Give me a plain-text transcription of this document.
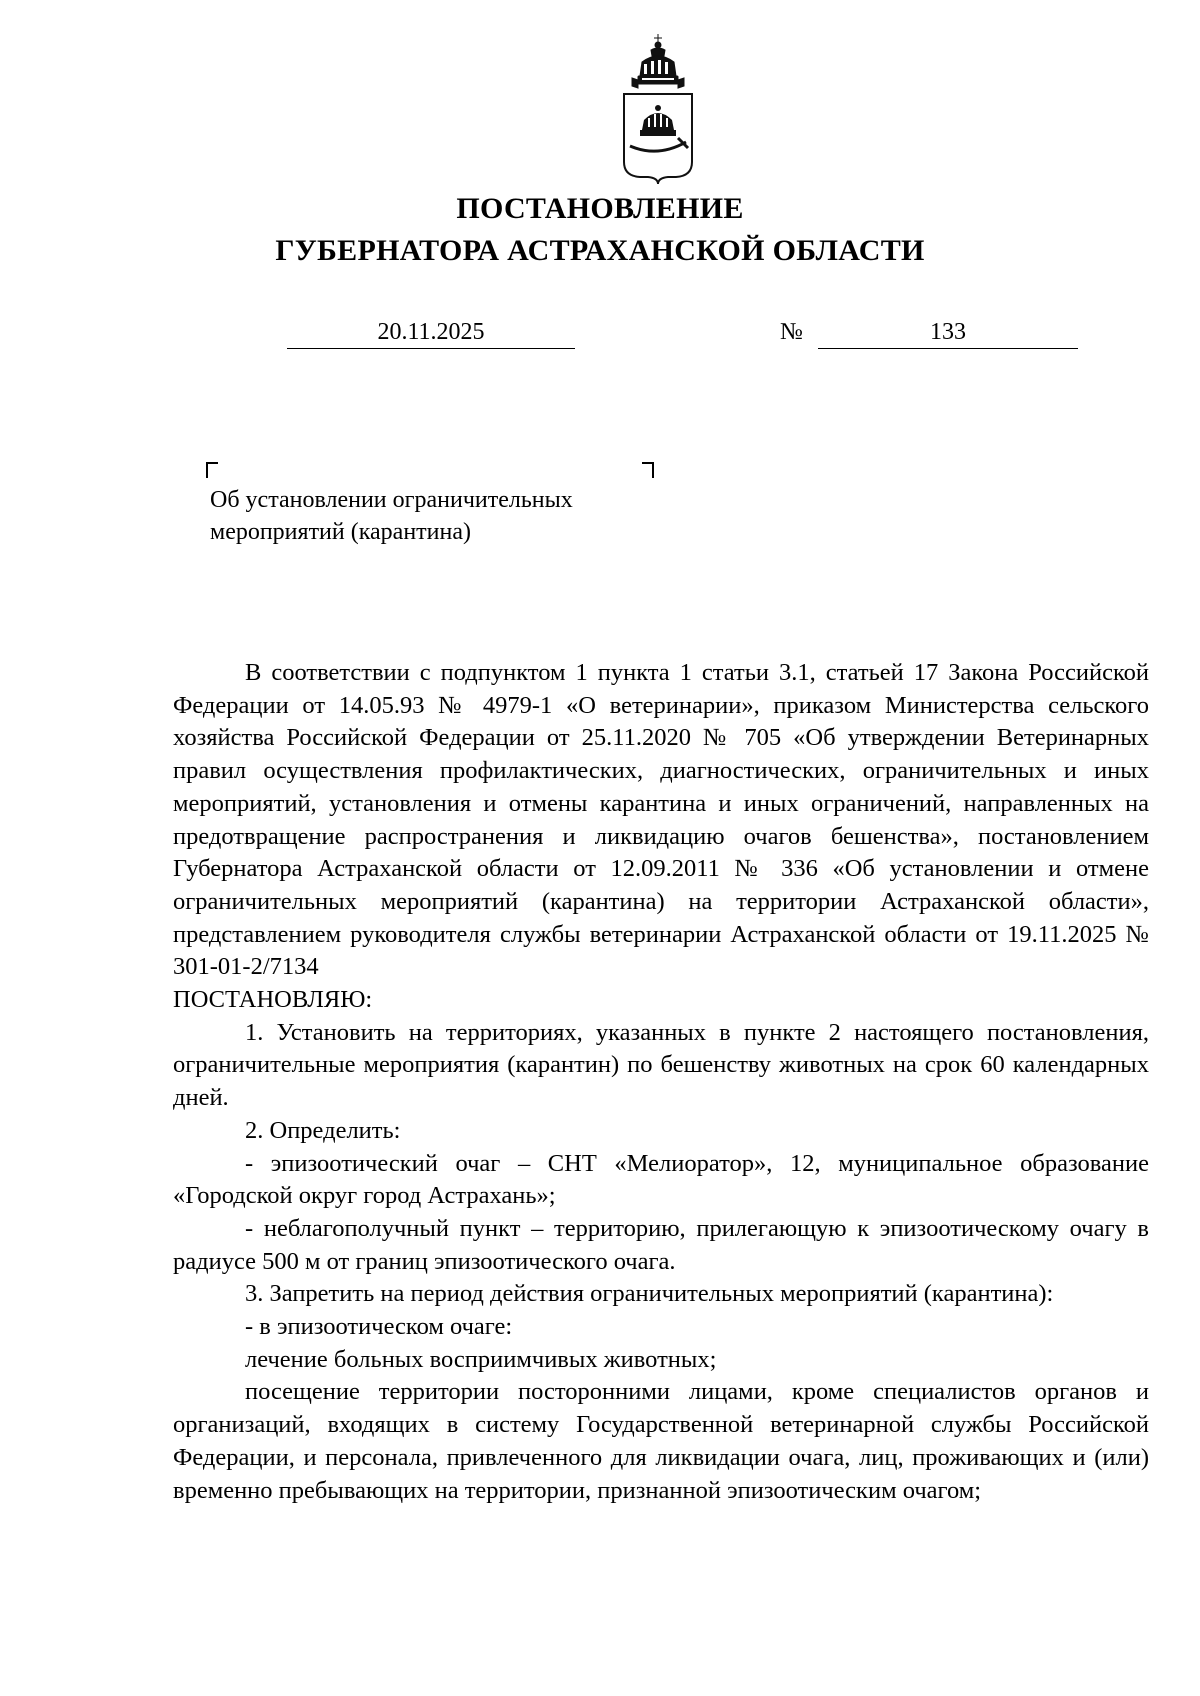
ПОСТАНОВЛЕНИЕ
ГУБЕРНАТОРА АСТРАХАНСКОЙ ОБЛАСТИ
20.11.2025	№	133
Об установлении ограничительных
мероприятий (карантина)

В соответствии с подпунктом 1 пункта 1 статьи 3.1, статьей 17 Закона Российской Федерации от 14.05.93 № 4979-1 «О ветеринарии», приказом Министерства сельского хозяйства Российской Федерации от 25.11.2020 № 705 «Об утверждении Ветеринарных правил осуществления профилактических, диагностических, ограничительных и иных мероприятий, установления и отмены карантина и иных ограничений, направленных на предотвращение распространения и ликвидацию очагов бешенства», постановлением Губернатора Астраханской области от 12.09.2011 № 336 «Об установлении и отмене ограничительных мероприятий (карантина) на территории Астраханской области», представлением руководителя службы ветеринарии Астраханской области от 19.11.2025 № 301-01-2/7134

ПОСТАНОВЛЯЮ:

1. Установить на территориях, указанных в пункте 2 настоящего постановления, ограничительные мероприятия (карантин) по бешенству животных на срок 60 календарных дней.

2. Определить:

- эпизоотический очаг – СНТ «Мелиоратор», 12, муниципальное образование «Городской округ город Астрахань»;

- неблагополучный пункт – территорию, прилегающую к эпизоотическому очагу в радиусе 500 м от границ эпизоотического очага.

3. Запретить на период действия ограничительных мероприятий (карантина):

- в эпизоотическом очаге:

лечение больных восприимчивых животных;

посещение территории посторонними лицами, кроме специалистов органов и организаций, входящих в систему Государственной ветеринарной службы Российской Федерации, и персонала, привлеченного для ликвидации очага, лиц, проживающих и (или) временно пребывающих на территории, признанной эпизоотическим очагом;
